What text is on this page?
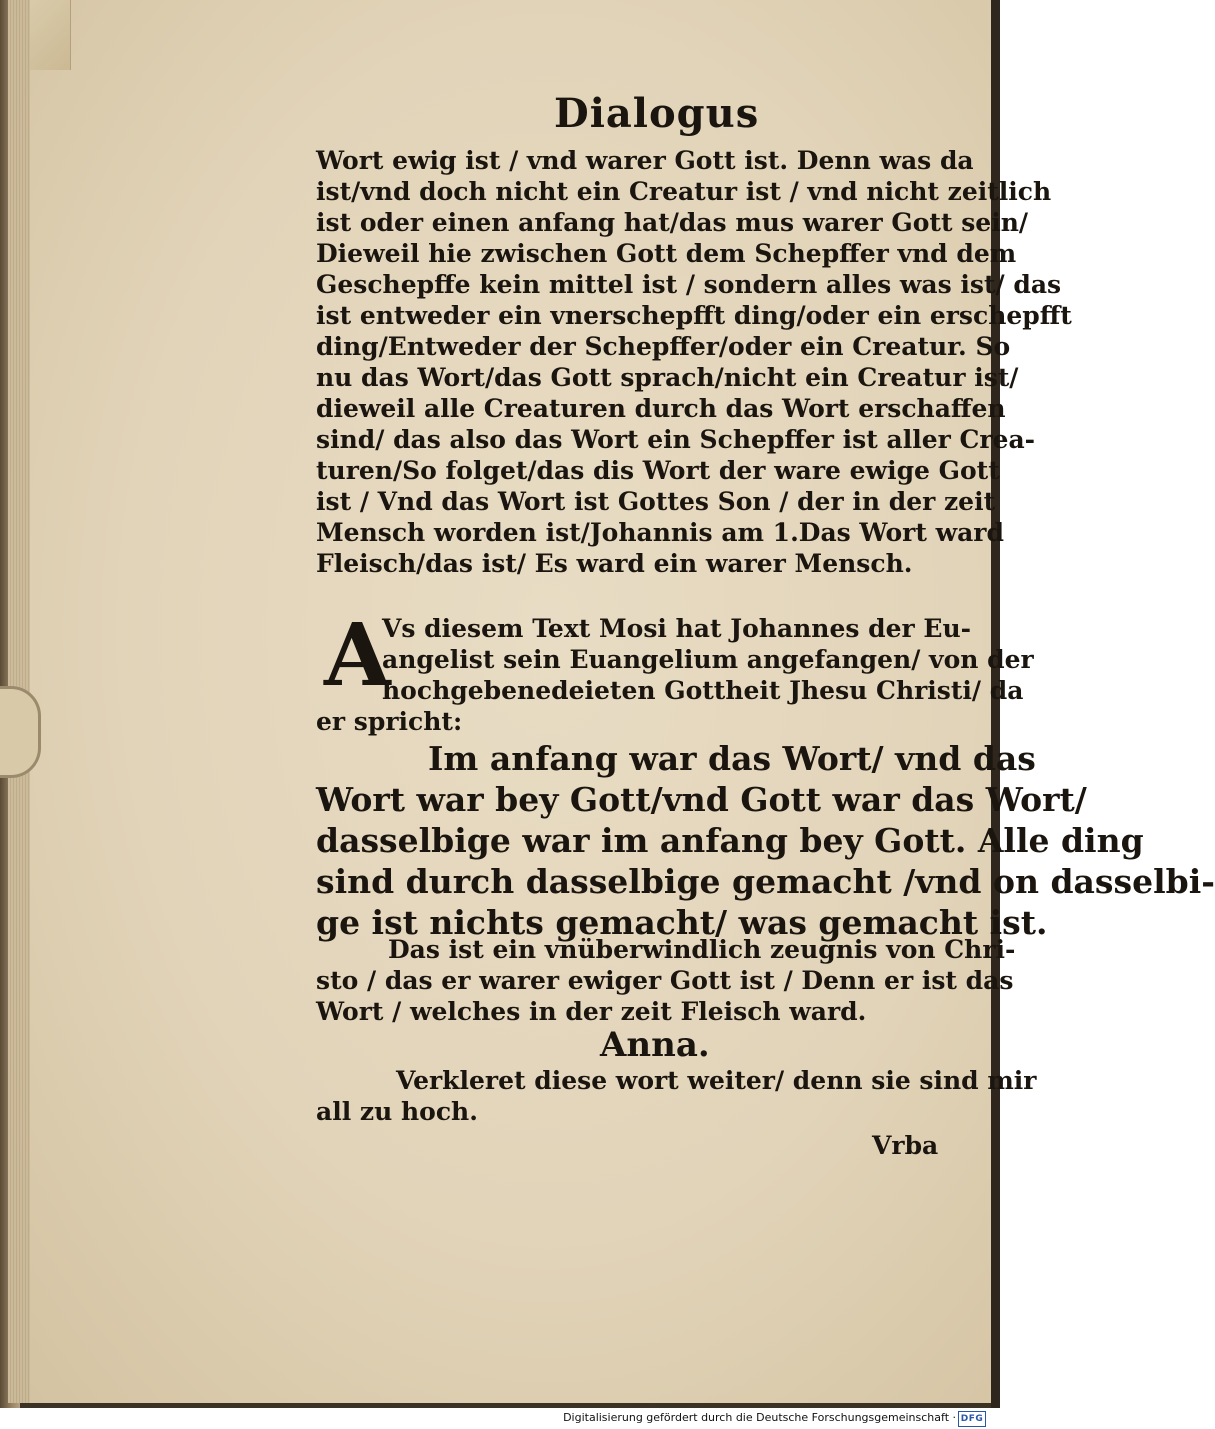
Dialogus
Wort ewig ist / vnd warer Gott ist. Denn was da
ist/vnd doch nicht ein Creatur ist / vnd nicht zeitlich
ist oder einen anfang hat/das mus warer Gott sein/
Dieweil hie zwischen Gott dem Schepffer vnd dem
Geschepffe kein mittel ist / sondern alles was ist/ das
ist entweder ein vnerschepfft ding/oder ein erschepfft
ding/Entweder der Schepffer/oder ein Creatur. So
nu das Wort/das Gott sprach/nicht ein Creatur ist/
dieweil alle Creaturen durch das Wort erschaffen
sind/ das also das Wort ein Schepffer ist aller Crea-
turen/So folget/das dis Wort der ware ewige Gott
ist / Vnd das Wort ist Gottes Son / der in der zeit
Mensch worden ist/Johannis am 1.Das Wort ward
Fleisch/das ist/ Es ward ein warer Mensch.
A
Vs diesem Text Mosi hat Johannes der Eu-
angelist sein Euangelium angefangen/ von der
hochgebenedeieten Gottheit Jhesu Christi/ da
er spricht:
Im anfang war das Wort/ vnd das
Wort war bey Gott/vnd Gott war das Wort/
dasselbige war im anfang bey Gott. Alle ding
sind durch dasselbige gemacht /vnd on dasselbi-
ge ist nichts gemacht/ was gemacht ist.
Das ist ein vnüberwindlich zeugnis von Chri-
sto / das er warer ewiger Gott ist / Denn er ist das
Wort / welches in der zeit Fleisch ward.
Anna.
Verkleret diese wort weiter/ denn sie sind mir
all zu hoch.
Vrba
Digitalisierung gefördert durch die Deutsche Forschungsgemeinschaft · DFG
